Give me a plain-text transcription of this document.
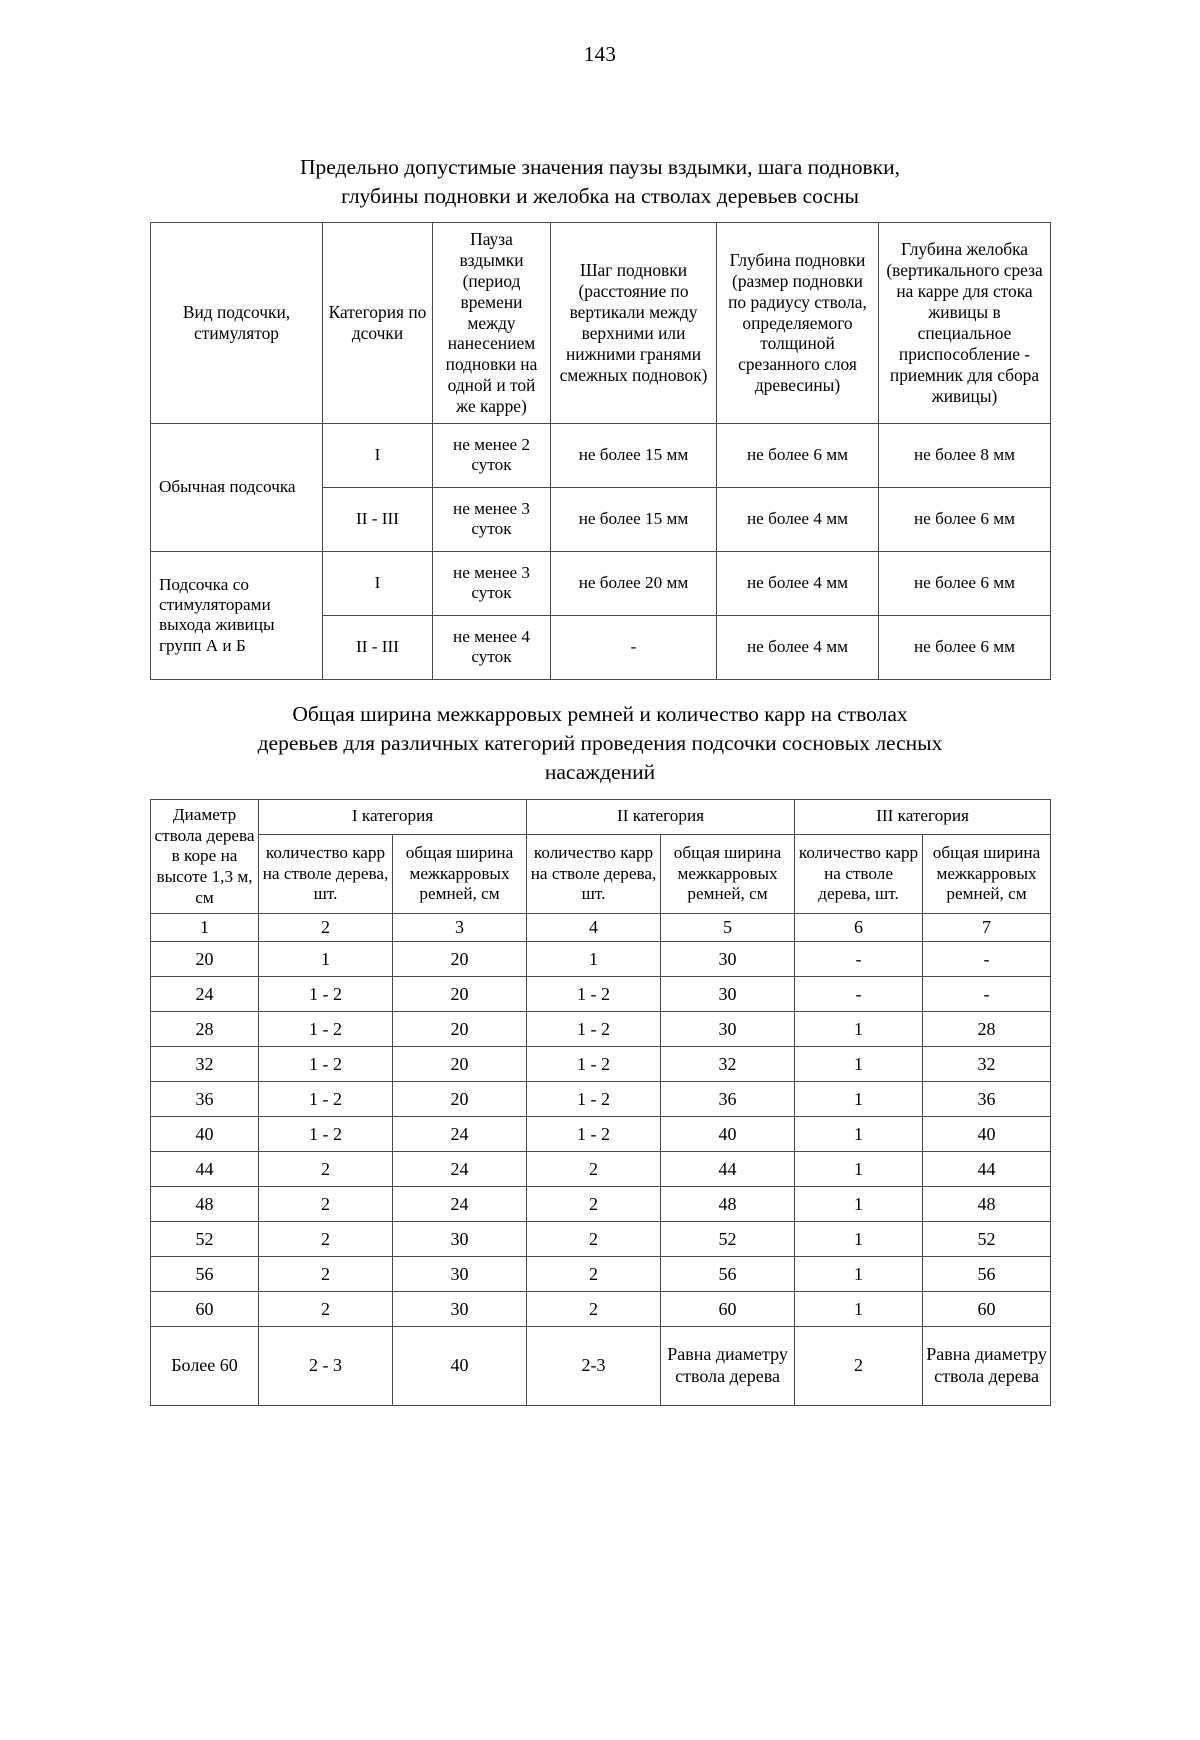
143
Предельно допустимые значения паузы вздымки, шага подновки,
глубины подновки и желобка на стволах деревьев сосны
Вид подсочки, стимулятор	Категория подсочки	Пауза вздымки (период времени между нанесением подновки на одной и той же карре)	Шаг подновки (расстояние по вертикали между верхними или нижними гранями смежных подновок)	Глубина подновки (размер подновки по радиусу ствола, определяемого толщиной срезанного слоя древесины)	Глубина желобка (вертикального среза на карре для стока живицы в специальное приспособление - приемник для сбора живицы)
Обычная подсочка	I	не менее 2 суток	не более 15 мм	не более 6 мм	не более 8 мм
	II - III	не менее 3 суток	не более 15 мм	не более 4 мм	не более 6 мм
Подсочка со стимуляторами выхода живицы групп А и Б	I	не менее 3 суток	не более 20 мм	не более 4 мм	не более 6 мм
	II - III	не менее 4 суток	-	не более 4 мм	не более 6 мм
Общая ширина межкарровых ремней и количество карр на стволах
деревьев для различных категорий проведения подсочки сосновых лесных
насаждений
Диаметр ствола дерева в коре на высоте 1,3 м, см	I категория		II категория		III категория	
	количество карр на стволе дерева, шт.	общая ширина межкарровых ремней, см	количество карр на стволе дерева, шт.	общая ширина межкарровых ремней, см	количество карр на стволе дерева, шт.	общая ширина межкарровых ремней, см
1	2	3	4	5	6	7
20	1	20	1	30	-	-
24	1 - 2	20	1 - 2	30	-	-
28	1 - 2	20	1 - 2	30	1	28
32	1 - 2	20	1 - 2	32	1	32
36	1 - 2	20	1 - 2	36	1	36
40	1 - 2	24	1 - 2	40	1	40
44	2	24	2	44	1	44
48	2	24	2	48	1	48
52	2	30	2	52	1	52
56	2	30	2	56	1	56
60	2	30	2	60	1	60
Более 60	2 - 3	40	2-3	Равна диаметру ствола дерева	2	Равна диаметру ствола дерева
